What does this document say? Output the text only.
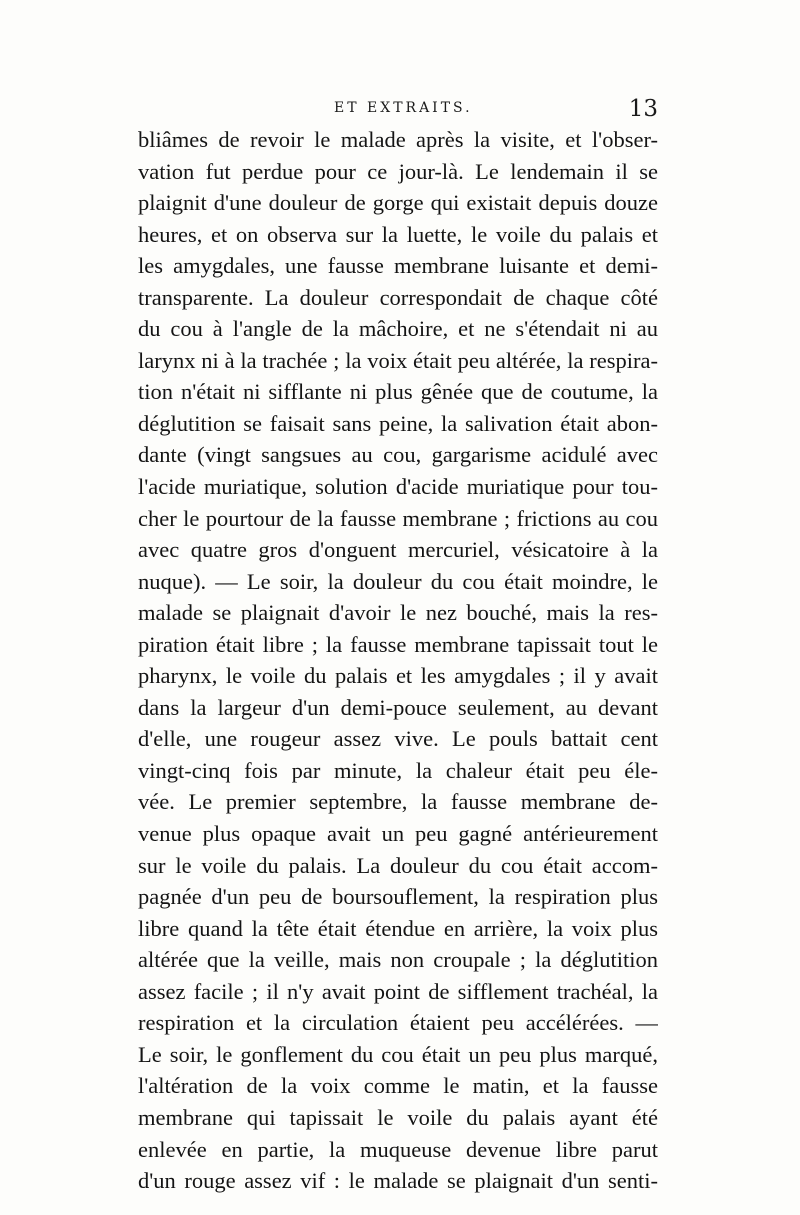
ET EXTRAITS.	13
bliâmes de revoir le malade après la visite, et l'obser-
vation fut perdue pour ce jour-là. Le lendemain il se
plaignit d'une douleur de gorge qui existait depuis douze
heures, et on observa sur la luette, le voile du palais et
les amygdales, une fausse membrane luisante et demi-
transparente. La douleur correspondait de chaque côté
du cou à l'angle de la mâchoire, et ne s'étendait ni au
larynx ni à la trachée ; la voix était peu altérée, la respira-
tion n'était ni sifflante ni plus gênée que de coutume, la
déglutition se faisait sans peine, la salivation était abon-
dante (vingt sangsues au cou, gargarisme acidulé avec
l'acide muriatique, solution d'acide muriatique pour tou-
cher le pourtour de la fausse membrane ; frictions au cou
avec quatre gros d'onguent mercuriel, vésicatoire à la
nuque). — Le soir, la douleur du cou était moindre, le
malade se plaignait d'avoir le nez bouché, mais la res-
piration était libre ; la fausse membrane tapissait tout le
pharynx, le voile du palais et les amygdales ; il y avait
dans la largeur d'un demi-pouce seulement, au devant
d'elle, une rougeur assez vive. Le pouls battait cent
vingt-cinq fois par minute, la chaleur était peu éle-
vée. Le premier septembre, la fausse membrane de-
venue plus opaque avait un peu gagné antérieurement
sur le voile du palais. La douleur du cou était accom-
pagnée d'un peu de boursouflement, la respiration plus
libre quand la tête était étendue en arrière, la voix plus
altérée que la veille, mais non croupale ; la déglutition
assez facile ; il n'y avait point de sifflement trachéal, la
respiration et la circulation étaient peu accélérées. —
Le soir, le gonflement du cou était un peu plus marqué,
l'altération de la voix comme le matin, et la fausse
membrane qui tapissait le voile du palais ayant été
enlevée en partie, la muqueuse devenue libre parut
d'un rouge assez vif : le malade se plaignait d'un senti-
